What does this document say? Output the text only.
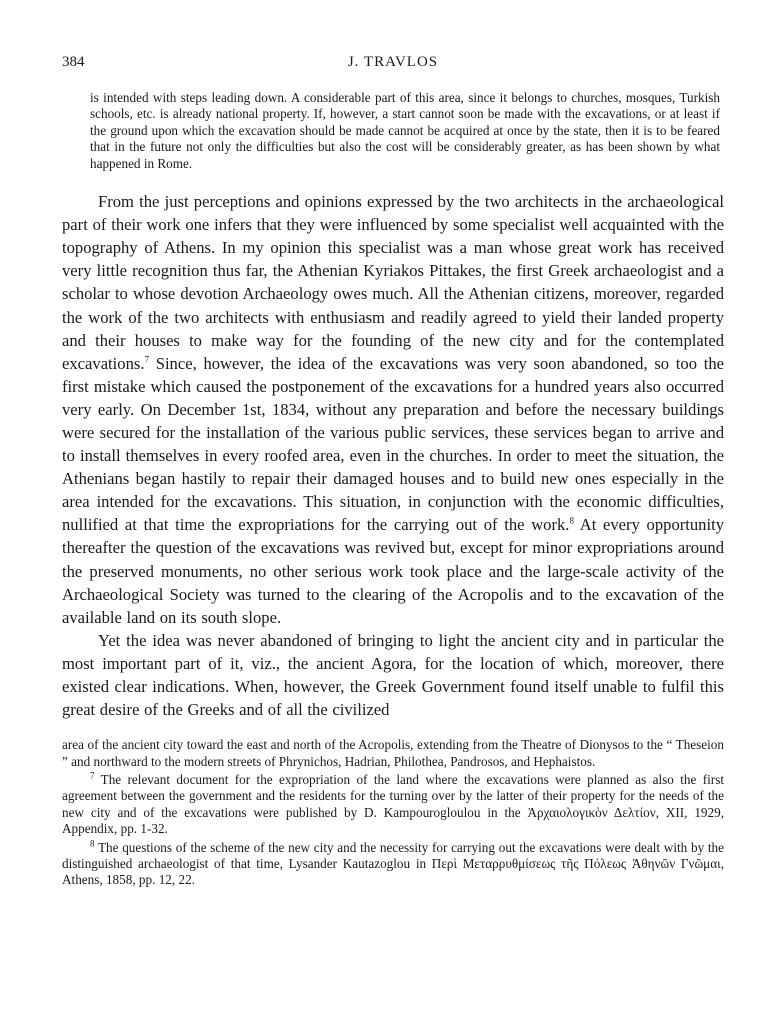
384	J. TRAVLOS

is intended with steps leading down. A considerable part of this area, since it belongs to churches, mosques, Turkish schools, etc. is already national property. If, however, a start cannot soon be made with the excavations, or at least if the ground upon which the excavation should be made cannot be acquired at once by the state, then it is to be feared that in the future not only the difficulties but also the cost will be considerably greater, as has been shown by what happened in Rome.

From the just perceptions and opinions expressed by the two architects in the archaeological part of their work one infers that they were influenced by some specialist well acquainted with the topography of Athens. In my opinion this specialist was a man whose great work has received very little recognition thus far, the Athenian Kyriakos Pittakes, the first Greek archaeologist and a scholar to whose devotion Archaeology owes much. All the Athenian citizens, moreover, regarded the work of the two architects with enthusiasm and readily agreed to yield their landed property and their houses to make way for the founding of the new city and for the contemplated excavations.$^7$ Since, however, the idea of the excavations was very soon abandoned, so too the first mistake which caused the postponement of the excavations for a hundred years also occurred very early. On December 1st, 1834, without any preparation and before the necessary buildings were secured for the installation of the various public services, these services began to arrive and to install themselves in every roofed area, even in the churches. In order to meet the situation, the Athenians began hastily to repair their damaged houses and to build new ones especially in the area intended for the excavations. This situation, in conjunction with the economic difficulties, nullified at that time the expropriations for the carrying out of the work.$^8$ At every opportunity thereafter the question of the excavations was revived but, except for minor expropriations around the preserved monuments, no other serious work took place and the large-scale activity of the Archaeological Society was turned to the clearing of the Acropolis and to the excavation of the available land on its south slope.

Yet the idea was never abandoned of bringing to light the ancient city and in particular the most important part of it, viz., the ancient Agora, for the location of which, moreover, there existed clear indications. When, however, the Greek Government found itself unable to fulfil this great desire of the Greeks and of all the civilized

area of the ancient city toward the east and north of the Acropolis, extending from the Theatre of Dionysos to the “ Theseion ” and northward to the modern streets of Phrynichos, Hadrian, Philothea, Pandrosos, and Hephaistos.

$^7$ The relevant document for the expropriation of the land where the excavations were planned as also the first agreement between the government and the residents for the turning over by the latter of their property for the needs of the new city and of the excavations were published by D. Kampourogloulou in the Ἀρχαιολογικὸν Δελτίον, XII, 1929, Appendix, pp. 1-32.

$^8$ The questions of the scheme of the new city and the necessity for carrying out the excavations were dealt with by the distinguished archaeologist of that time, Lysander Kautazoglou in Περὶ Μεταρρυθμίσεως τῆς Πόλεως Ἀθηνῶν Γνῶμαι, Athens, 1858, pp. 12, 22.
